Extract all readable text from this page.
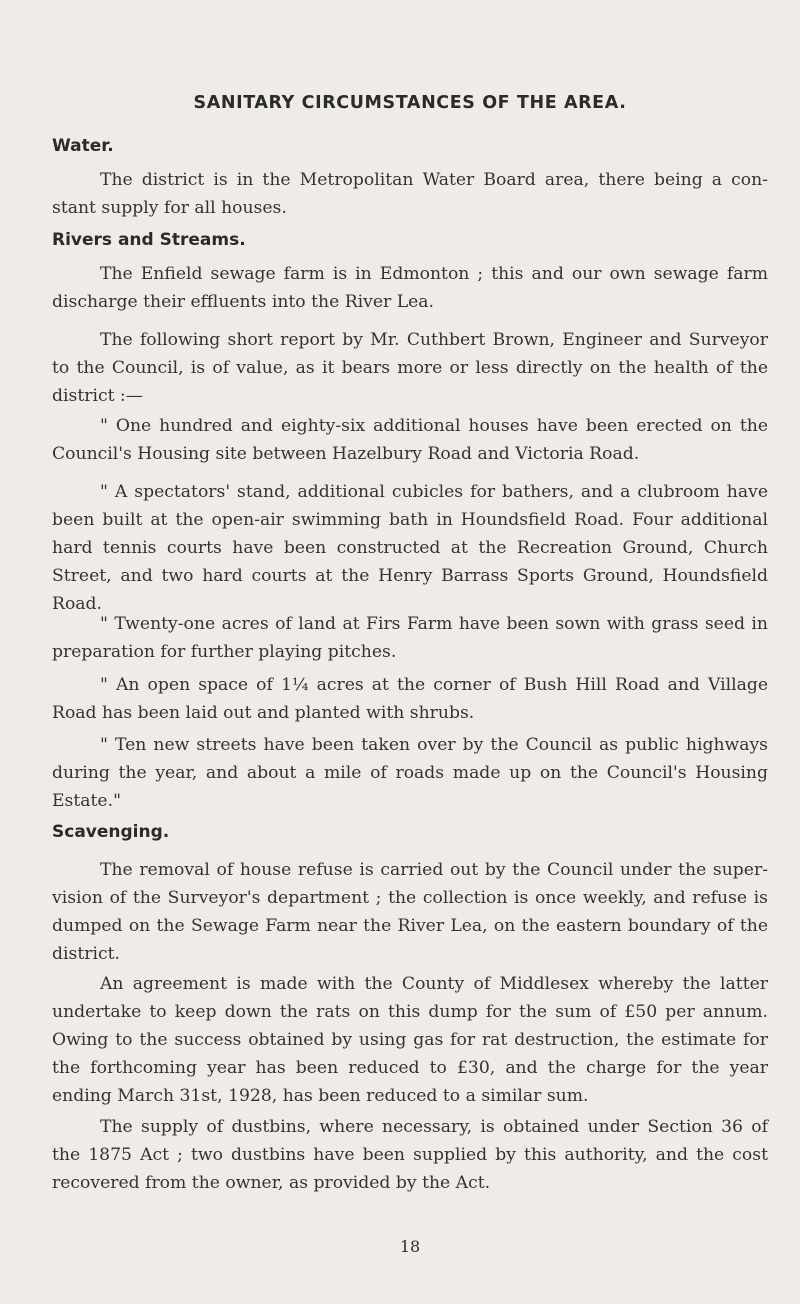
SANITARY CIRCUMSTANCES OF THE AREA.
Water.

The district is in the Metropolitan Water Board area, there being a con- stant supply for all houses.

Rivers and Streams.

The Enfield sewage farm is in Edmonton ; this and our own sewage farm discharge their effluents into the River Lea.

The following short report by Mr. Cuthbert Brown, Engineer and Surveyor to the Council, is of value, as it bears more or less directly on the health of the district :—

" One hundred and eighty-six additional houses have been erected on the Council's Housing site between Hazelbury Road and Victoria Road.

" A spectators' stand, additional cubicles for bathers, and a clubroom have been built at the open-air swimming bath in Houndsfield Road. Four additional hard tennis courts have been constructed at the Recreation Ground, Church Street, and two hard courts at the Henry Barrass Sports Ground, Houndsfield Road.

" Twenty-one acres of land at Firs Farm have been sown with grass seed in preparation for further playing pitches.

" An open space of 1¼ acres at the corner of Bush Hill Road and Village Road has been laid out and planted with shrubs.

" Ten new streets have been taken over by the Council as public highways during the year, and about a mile of roads made up on the Council's Housing Estate."

Scavenging.

The removal of house refuse is carried out by the Council under the super- vision of the Surveyor's department ; the collection is once weekly, and refuse is dumped on the Sewage Farm near the River Lea, on the eastern boundary of the district.

An agreement is made with the County of Middlesex whereby the latter undertake to keep down the rats on this dump for the sum of £50 per annum. Owing to the success obtained by using gas for rat destruction, the estimate for the forthcoming year has been reduced to £30, and the charge for the year ending March 31st, 1928, has been reduced to a similar sum.

The supply of dustbins, where necessary, is obtained under Section 36 of the 1875 Act ; two dustbins have been supplied by this authority, and the cost recovered from the owner, as provided by the Act.

18
